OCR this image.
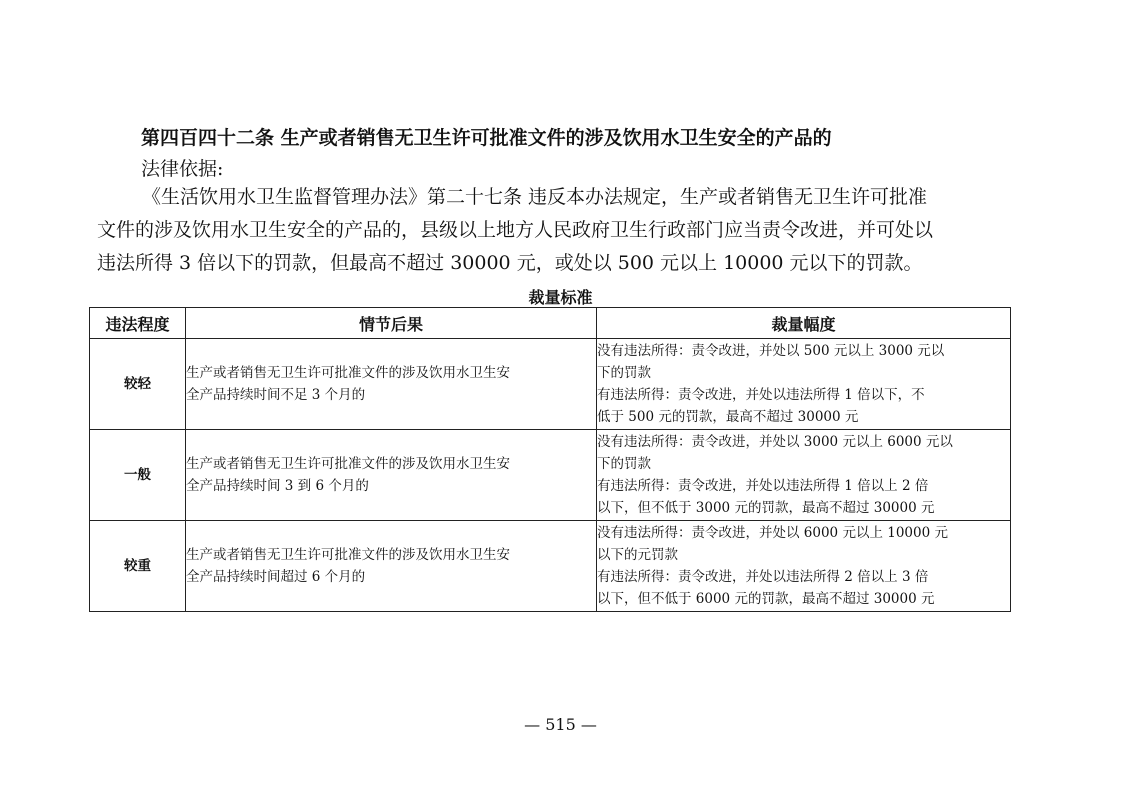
第四百四十二条 生产或者销售无卫生许可批准文件的涉及饮用水卫生安全的产品的
法律依据:
《生活饮用水卫生监督管理办法》第二十七条 违反本办法规定，生产或者销售无卫生许可批准
文件的涉及饮用水卫生安全的产品的，县级以上地方人民政府卫生行政部门应当责令改进，并可处以
违法所得 3 倍以下的罚款，但最高不超过 30000 元，或处以 500 元以上 10000 元以下的罚款。
裁量标准
违法程度	情节后果	裁量幅度
较轻	生产或者销售无卫生许可批准文件的涉及饮用水卫生安
全产品持续时间不足 3 个月的	没有违法所得：责令改进，并处以 500 元以上 3000 元以
下的罚款
有违法所得：责令改进，并处以违法所得 1 倍以下，不
低于 500 元的罚款，最高不超过 30000 元

一般	生产或者销售无卫生许可批准文件的涉及饮用水卫生安
全产品持续时间 3 到 6 个月的	没有违法所得：责令改进，并处以 3000 元以上 6000 元以
下的罚款
有违法所得：责令改进，并处以违法所得 1 倍以上 2 倍
以下，但不低于 3000 元的罚款，最高不超过 30000 元

较重	生产或者销售无卫生许可批准文件的涉及饮用水卫生安
全产品持续时间超过 6 个月的	没有违法所得：责令改进，并处以 6000 元以上 10000 元
以下的元罚款
有违法所得：责令改进，并处以违法所得 2 倍以上 3 倍
以下，但不低于 6000 元的罚款，最高不超过 30000 元
— 515 —
